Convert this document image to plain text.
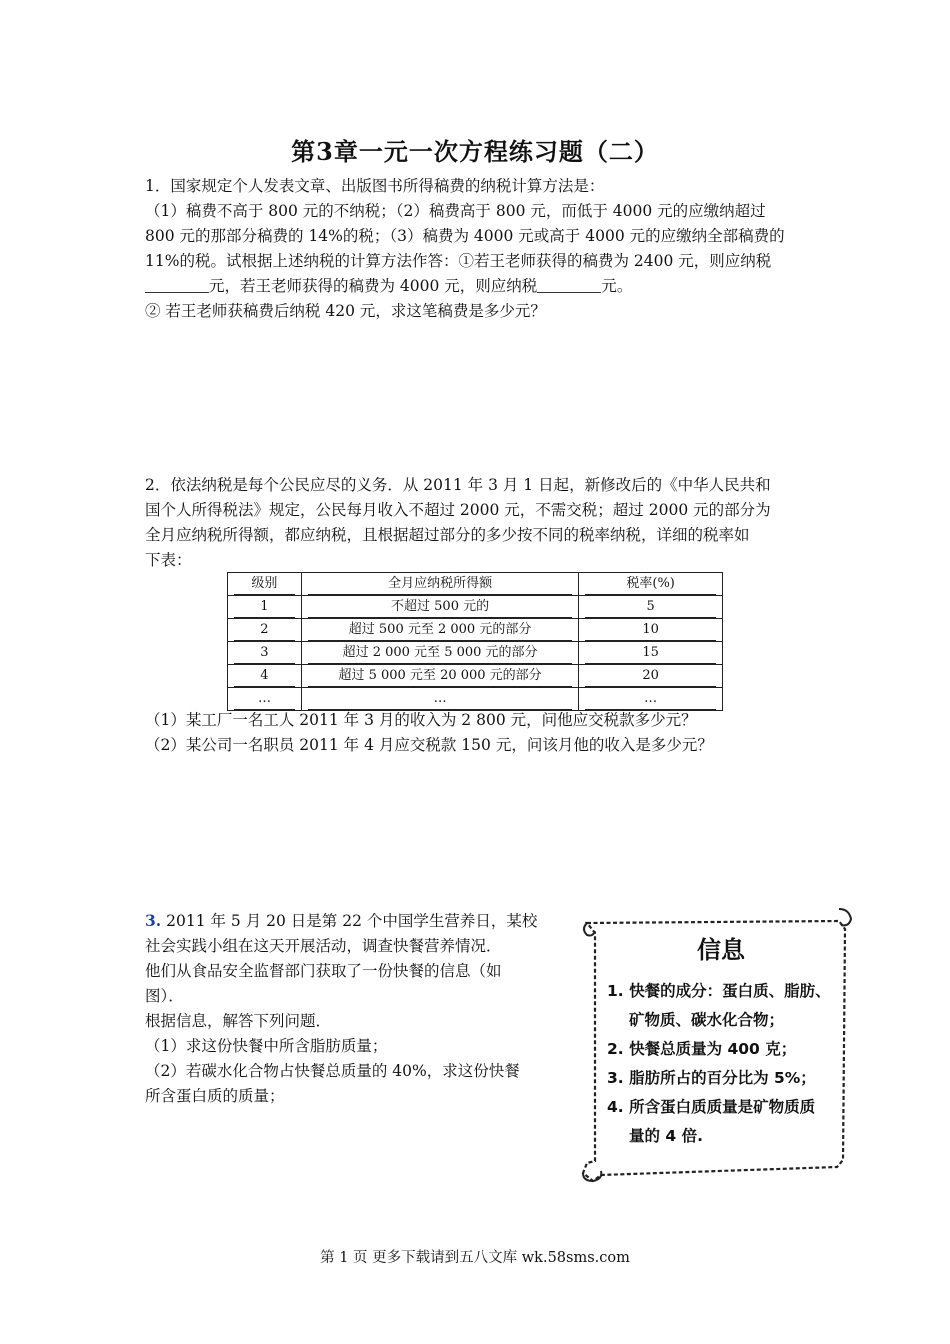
第3章一元一次方程练习题（二）
1．国家规定个人发表文章、出版图书所得稿费的纳税计算方法是：
（1）稿费不高于 800 元的不纳税；（2）稿费高于 800 元，而低于 4000 元的应缴纳超过
800 元的那部分稿费的 14%的税；（3）稿费为 4000 元或高于 4000 元的应缴纳全部稿费的
11%的税。试根据上述纳税的计算方法作答：①若王老师获得的稿费为 2400 元，则应纳税
元，若王老师获得的稿费为 4000 元，则应纳税	元。
② 若王老师获稿费后纳税 420 元，求这笔稿费是多少元？
2．依法纳税是每个公民应尽的义务．从 2011 年 3 月 1 日起，新修改后的《中华人民共和
国个人所得税法》规定，公民每月收入不超过 2000 元，不需交税；超过 2000 元的部分为
全月应纳税所得额，都应纳税，且根据超过部分的多少按不同的税率纳税，详细的税率如
下表：
级别	全月应纳税所得额	税率(%)

1	不超过 500 元的	5

2	超过 500 元至 2 000 元的部分	10

3	超过 2 000 元至 5 000 元的部分	15

4	超过 5 000 元至 20 000 元的部分	20

…	…	…
（1）某工厂一名工人 2011 年 3 月的收入为 2 800 元，问他应交税款多少元？
（2）某公司一名职员 2011 年 4 月应交税款 150 元，问该月他的收入是多少元？
3. 2011 年 5 月 20 日是第 22 个中国学生营养日，某校
社会实践小组在这天开展活动，调查快餐营养情况．
他们从食品安全监督部门获取了一份快餐的信息（如
图）．
根据信息，解答下列问题．
（1）求这份快餐中所含脂肪质量；
（2）若碳水化合物占快餐总质量的 40%，求这份快餐
所含蛋白质的质量；
信息
1. 快餐的成分：蛋白质、脂肪、
矿物质、碳水化合物；
2. 快餐总质量为 400 克；
3. 脂肪所占的百分比为 5%；
4. 所含蛋白质质量是矿物质质
量的 4 倍.
第 1 页 更多下载请到五八文库 wk.58sms.com
